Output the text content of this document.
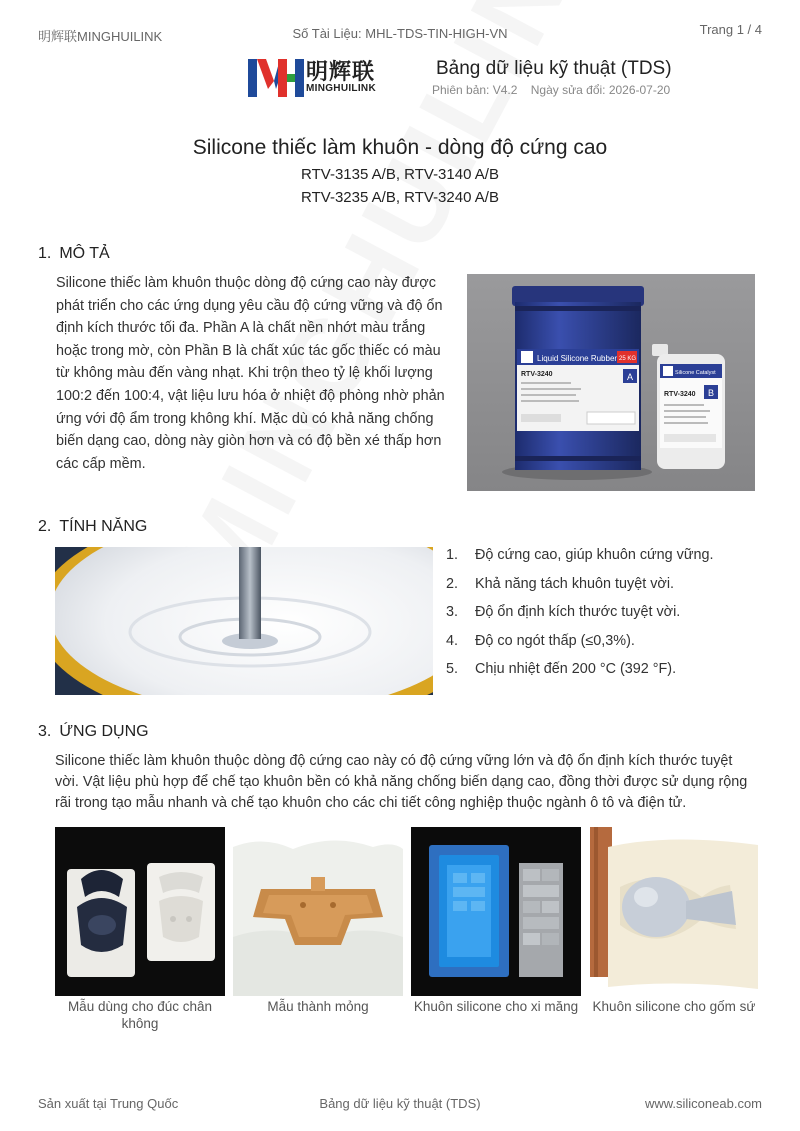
明辉联MINGHUILINK	Số Tài Liệu: MHL-TDS-TIN-HIGH-VN	Trang 1 / 4
明辉联
MINGHUILINK
Bảng dữ liệu kỹ thuật (TDS)
Phiên bản: V4.2 Ngày sửa đổi: 2026-07-20
Silicone thiếc làm khuôn - dòng độ cứng cao
RTV-3135 A/B, RTV-3140 A/B
RTV-3235 A/B, RTV-3240 A/B
1. MÔ TẢ
Silicone thiếc làm khuôn thuộc dòng độ cứng cao này được phát triển cho các ứng dụng yêu cầu độ cứng vững và độ ổn định kích thước tối đa. Phần A là chất nền nhớt màu trắng hoặc trong mờ, còn Phần B là chất xúc tác gốc thiếc có màu từ không màu đến vàng nhạt. Khi trộn theo tỷ lệ khối lượng 100:2 đến 100:4, vật liệu lưu hóa ở nhiệt độ phòng nhờ phản ứng với độ ẩm trong không khí. Mặc dù có khả năng chống biến dạng cao, dòng này giòn hơn và có độ bền xé thấp hơn các cấp mềm.
Liquid Silicone Rubber 25 KG
RTV-3240	A	Silicone Catalyst
RTV-3240 B
2. TÍNH NĂNG
1. Độ cứng cao, giúp khuôn cứng vững.
2. Khả năng tách khuôn tuyệt vời.
3. Độ ổn định kích thước tuyệt vời.
4. Độ co ngót thấp (≤0,3%).
5. Chịu nhiệt đến 200 °C (392 °F).
3. ỨNG DỤNG
Silicone thiếc làm khuôn thuộc dòng độ cứng cao này có độ cứng vững lớn và độ ổn định kích thước tuyệt vời. Vật liệu phù hợp để chế tạo khuôn bền có khả năng chống biến dạng cao, đồng thời được sử dụng rộng rãi trong tạo mẫu nhanh và chế tạo khuôn cho các chi tiết công nghiệp thuộc ngành ô tô và điện tử.
Mẫu dùng cho đúc chân không
Mẫu thành mỏng	Khuôn silicone cho xi măng	Khuôn silicone cho gốm sứ
Sản xuất tại Trung Quốc	Bảng dữ liệu kỹ thuật (TDS)	www.siliconeab.com
